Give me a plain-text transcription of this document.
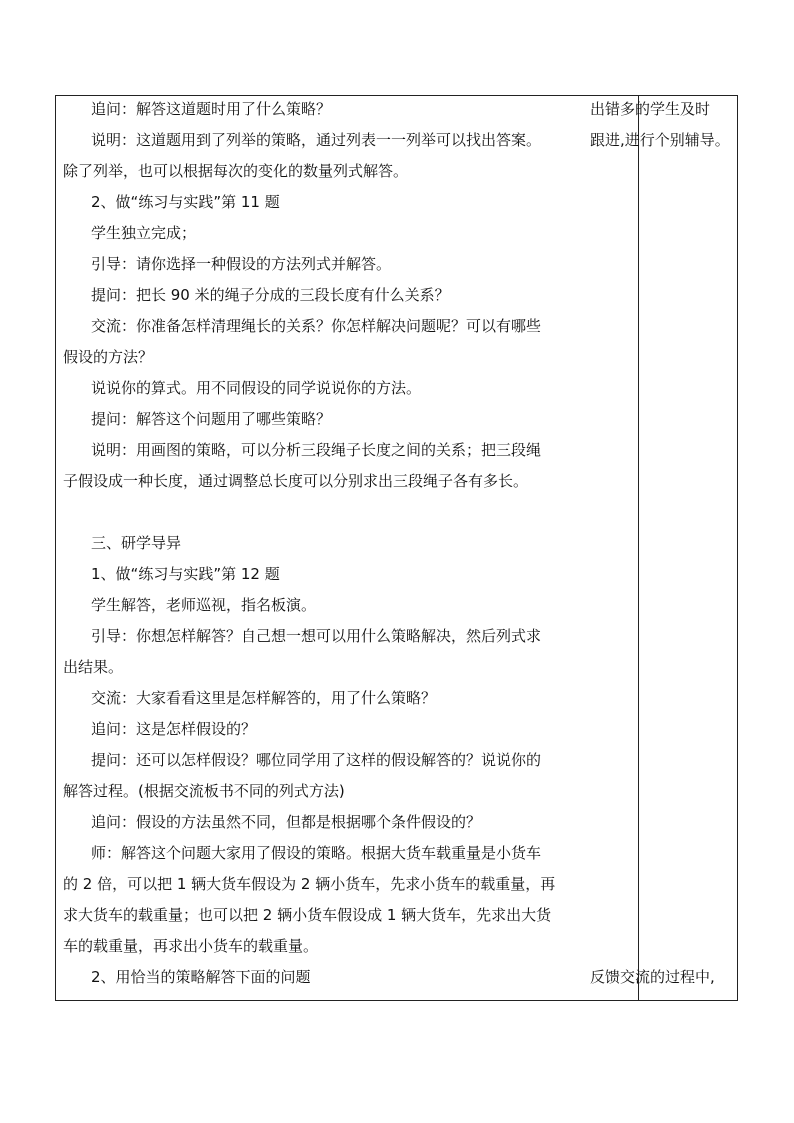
追问：解答这道题时用了什么策略？
说明：这道题用到了列举的策略，通过列表一一列举可以找出答案。
除了列举，也可以根据每次的变化的数量列式解答。
2、做“练习与实践”第 11 题
学生独立完成；
引导：请你选择一种假设的方法列式并解答。
提问：把长 90 米的绳子分成的三段长度有什么关系？
交流：你准备怎样清理绳长的关系？你怎样解决问题呢？可以有哪些
假设的方法？
说说你的算式。用不同假设的同学说说你的方法。
提问：解答这个问题用了哪些策略？
说明：用画图的策略，可以分析三段绳子长度之间的关系；把三段绳
子假设成一种长度，通过调整总长度可以分别求出三段绳子各有多长。
三、研学导异
1、做“练习与实践”第 12 题
学生解答，老师巡视，指名板演。
引导：你想怎样解答？自己想一想可以用什么策略解决，然后列式求
出结果。
交流：大家看看这里是怎样解答的，用了什么策略？
追问：这是怎样假设的？
提问：还可以怎样假设？哪位同学用了这样的假设解答的？说说你的
解答过程。(根据交流板书不同的列式方法)
追问：假设的方法虽然不同，但都是根据哪个条件假设的？
师：解答这个问题大家用了假设的策略。根据大货车载重量是小货车
的 2 倍，可以把 1 辆大货车假设为 2 辆小货车，先求小货车的载重量，再
求大货车的载重量；也可以把 2 辆小货车假设成 1 辆大货车，先求出大货
车的载重量，再求出小货车的载重量。
2、用恰当的策略解答下面的问题
出错多的学生及时
跟进,进行个别辅导。
反馈交流的过程中,
